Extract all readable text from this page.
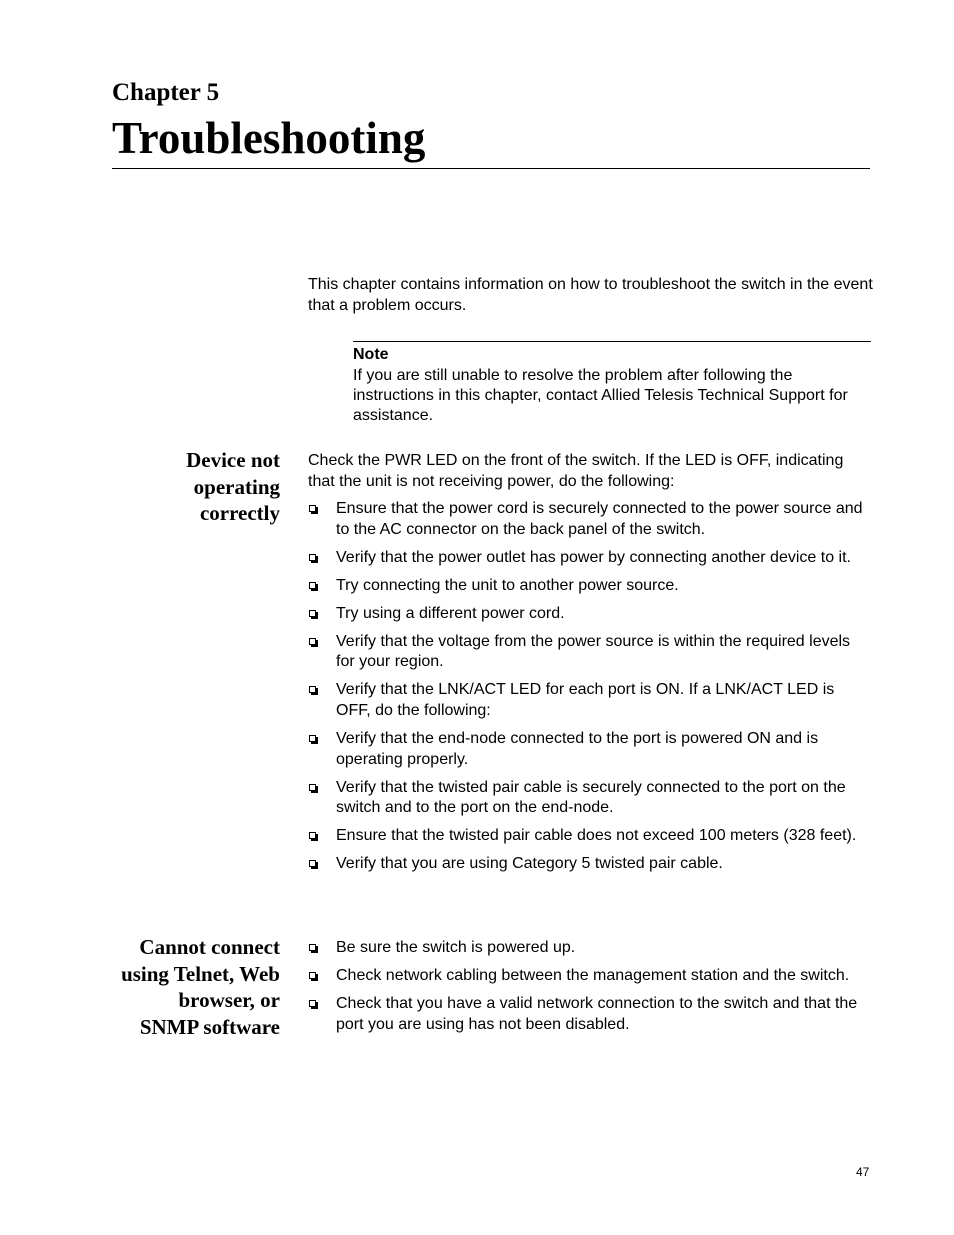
Chapter 5
Troubleshooting
This chapter contains information on how to troubleshoot the switch in the event that a problem occurs.
Note
If you are still unable to resolve the problem after following the instructions in this chapter, contact Allied Telesis Technical Support for assistance.
Device not
operating
correctly

Check the PWR LED on the front of the switch. If the LED is OFF, indicating that the unit is not receiving power, do the following:

Ensure that the power cord is securely connected to the power source and to the AC connector on the back panel of the switch.
Verify that the power outlet has power by connecting another device to it.
Try connecting the unit to another power source.
Try using a different power cord.
Verify that the voltage from the power source is within the required levels for your region.
Verify that the LNK/ACT LED for each port is ON. If a LNK/ACT LED is OFF, do the following:
Verify that the end-node connected to the port is powered ON and is operating properly.
Verify that the twisted pair cable is securely connected to the port on the switch and to the port on the end-node.
Ensure that the twisted pair cable does not exceed 100 meters (328 feet).
Verify that you are using Category 5 twisted pair cable.
Cannot connect
using Telnet, Web
browser, or
SNMP software
Be sure the switch is powered up.
Check network cabling between the management station and the switch.
Check that you have a valid network connection to the switch and that the port you are using has not been disabled.
47
